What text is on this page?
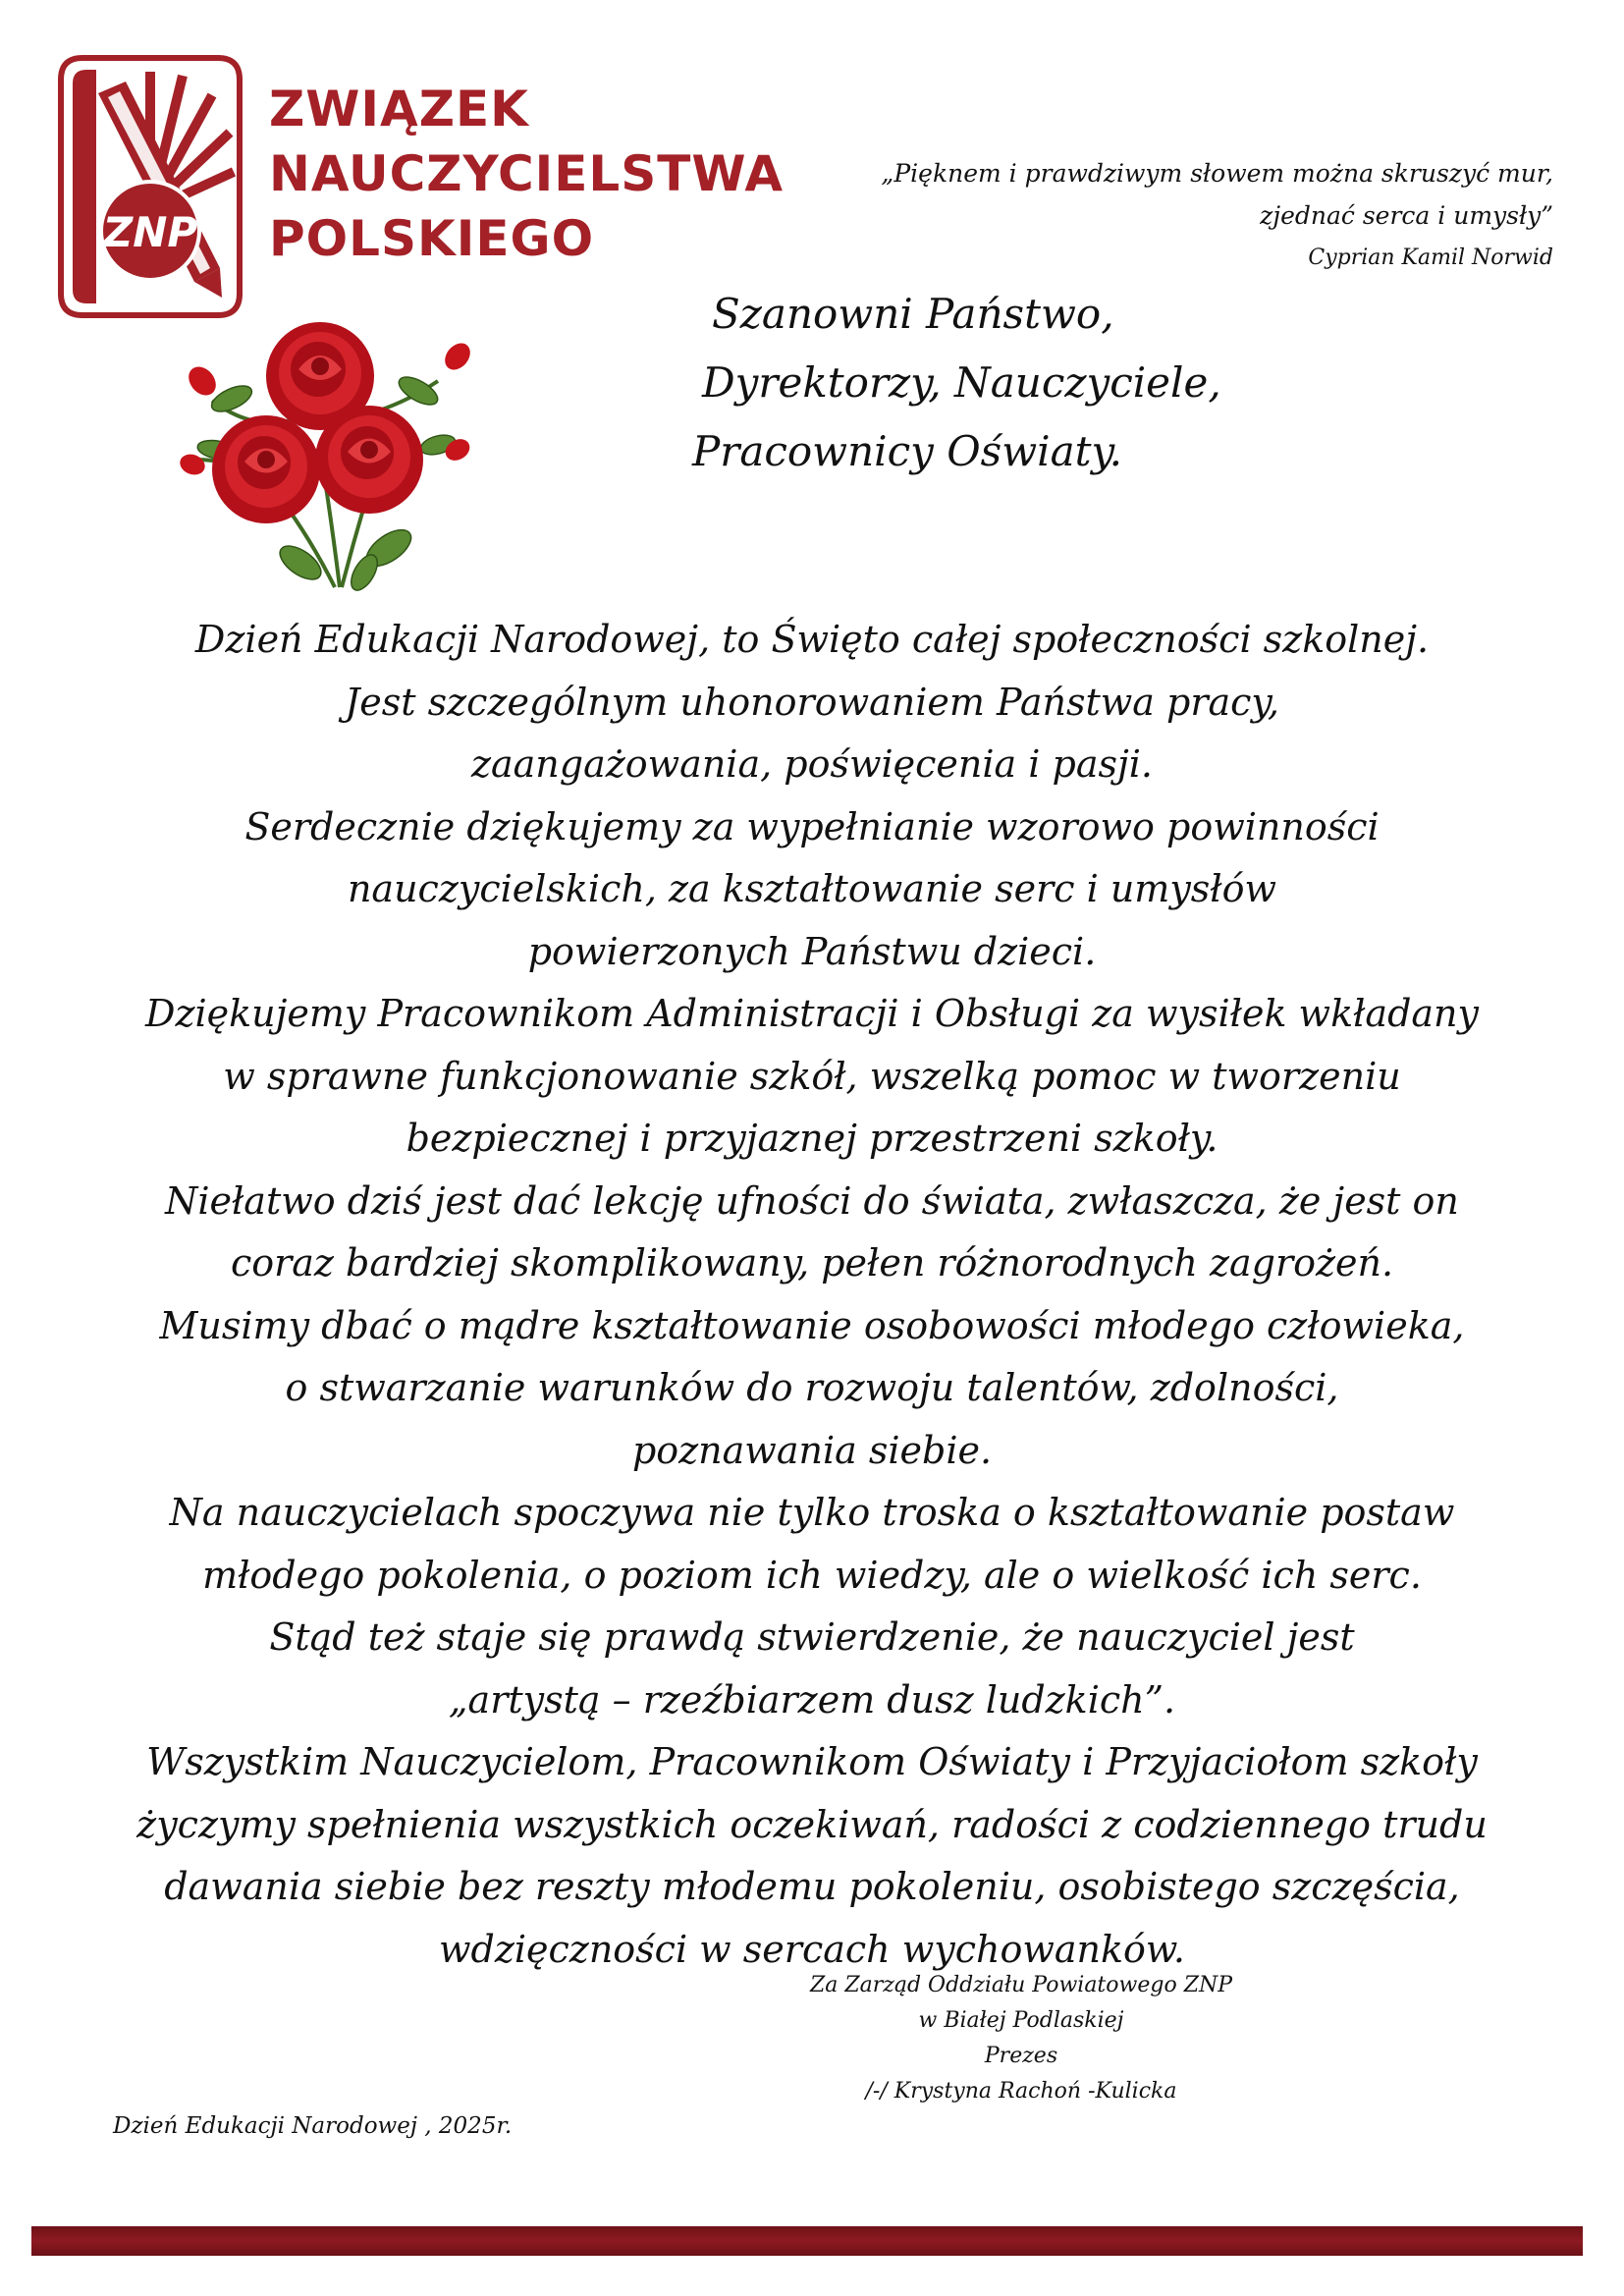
ZNP
ZWIĄZEK
NAUCZYCIELSTWA
POLSKIEGO
„Pięknem i prawdziwym słowem można skruszyć mur,
zjednać serca i umysły”
Cyprian Kamil Norwid
Szanowni Państwo,
Dyrektorzy, Nauczyciele,
Pracownicy Oświaty.
Dzień Edukacji Narodowej, to Święto całej społeczności szkolnej.
Jest szczególnym uhonorowaniem Państwa pracy,
zaangażowania, poświęcenia i pasji.
Serdecznie dziękujemy za wypełnianie wzorowo powinności
nauczycielskich, za kształtowanie serc i umysłów
powierzonych Państwu dzieci.
Dziękujemy Pracownikom Administracji i Obsługi za wysiłek wkładany
w sprawne funkcjonowanie szkół, wszelką pomoc w tworzeniu
bezpiecznej i przyjaznej przestrzeni szkoły.
Niełatwo dziś jest dać lekcję ufności do świata, zwłaszcza, że jest on
coraz bardziej skomplikowany, pełen różnorodnych zagrożeń.
Musimy dbać o mądre kształtowanie osobowości młodego człowieka,
o stwarzanie warunków do rozwoju talentów, zdolności,
poznawania siebie.
Na nauczycielach spoczywa nie tylko troska o kształtowanie postaw
młodego pokolenia, o poziom ich wiedzy, ale o wielkość ich serc.
Stąd też staje się prawdą stwierdzenie, że nauczyciel jest
„artystą – rzeźbiarzem dusz ludzkich”.
Wszystkim Nauczycielom, Pracownikom Oświaty i Przyjaciołom szkoły
życzymy spełnienia wszystkich oczekiwań, radości z codziennego trudu
dawania siebie bez reszty młodemu pokoleniu, osobistego szczęścia,
wdzięczności w sercach wychowanków.
Za Zarząd Oddziału Powiatowego ZNP
w Białej Podlaskiej
Prezes
/-/ Krystyna Rachoń -Kulicka
Dzień Edukacji Narodowej , 2025r.
